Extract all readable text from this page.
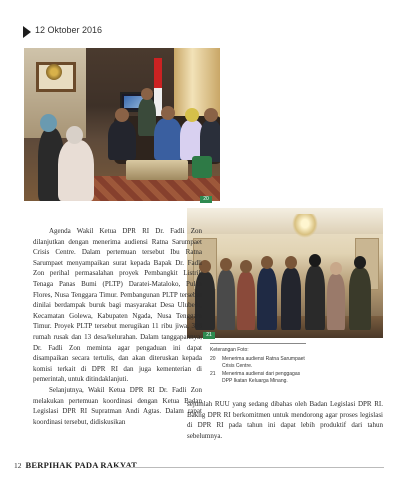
12 Oktober 2016
20
21

Agenda Wakil Ketua DPR RI Dr. Fadli Zon dilanjutkan dengan menerima audiensi Ratna Sarumpaet Crisis Centre. Dalam pertemuan tersebut Ibu Ratna Sarumpaet menyampaikan surat kepada Bapak Dr. Fadli Zon perihal permasalahan proyek Pembangkit Listrik Tenaga Panas Bumi (PLTP) Daratei-Mataloko, Pulau Flores, Nusa Tenggara Timur. Pembangunan PLTP tersebut dinilai berdampak buruk bagi masyarakat Desa Ulubelu, Kecamatan Golewa, Kabupaten Ngada, Nusa Tenggara Timur. Proyek PLTP tersebut merugikan 11 ribu jiwa, 398 rumah rusak dan 13 desa/kelurahan. Dalam tanggapannya, Dr. Fadli Zon meminta agar pengaduan ini dapat disampaikan secara tertulis, dan akan diteruskan kepada komisi terkait di DPR RI dan juga kementerian di pemerintah, untuk ditindaklanjuti.

Selanjutnya, Wakil Ketua DPR RI Dr. Fadli Zon melakukan pertemuan koordinasi dengan Ketua Badan Legislasi DPR RI Supratman Andi Agtas. Dalam rapat koordinasi tersebut, didiskusikan

Keterangan Foto:
20	Menerima audiensi Ratna Sarumpaet Crisis Centre.
21	Menerima audiensi dari penggagas DPP Ikatan Keluarga Minang.

sejumlah RUU yang sedang dibahas oleh Badan Legislasi DPR RI. Bakng DPR RI berkomitmen untuk mendorong agar proses legislasi di DPR RI pada tahun ini dapat lebih produktif dari tahun sebelumnya.

12 BERPIHAK PADA RAKYAT
